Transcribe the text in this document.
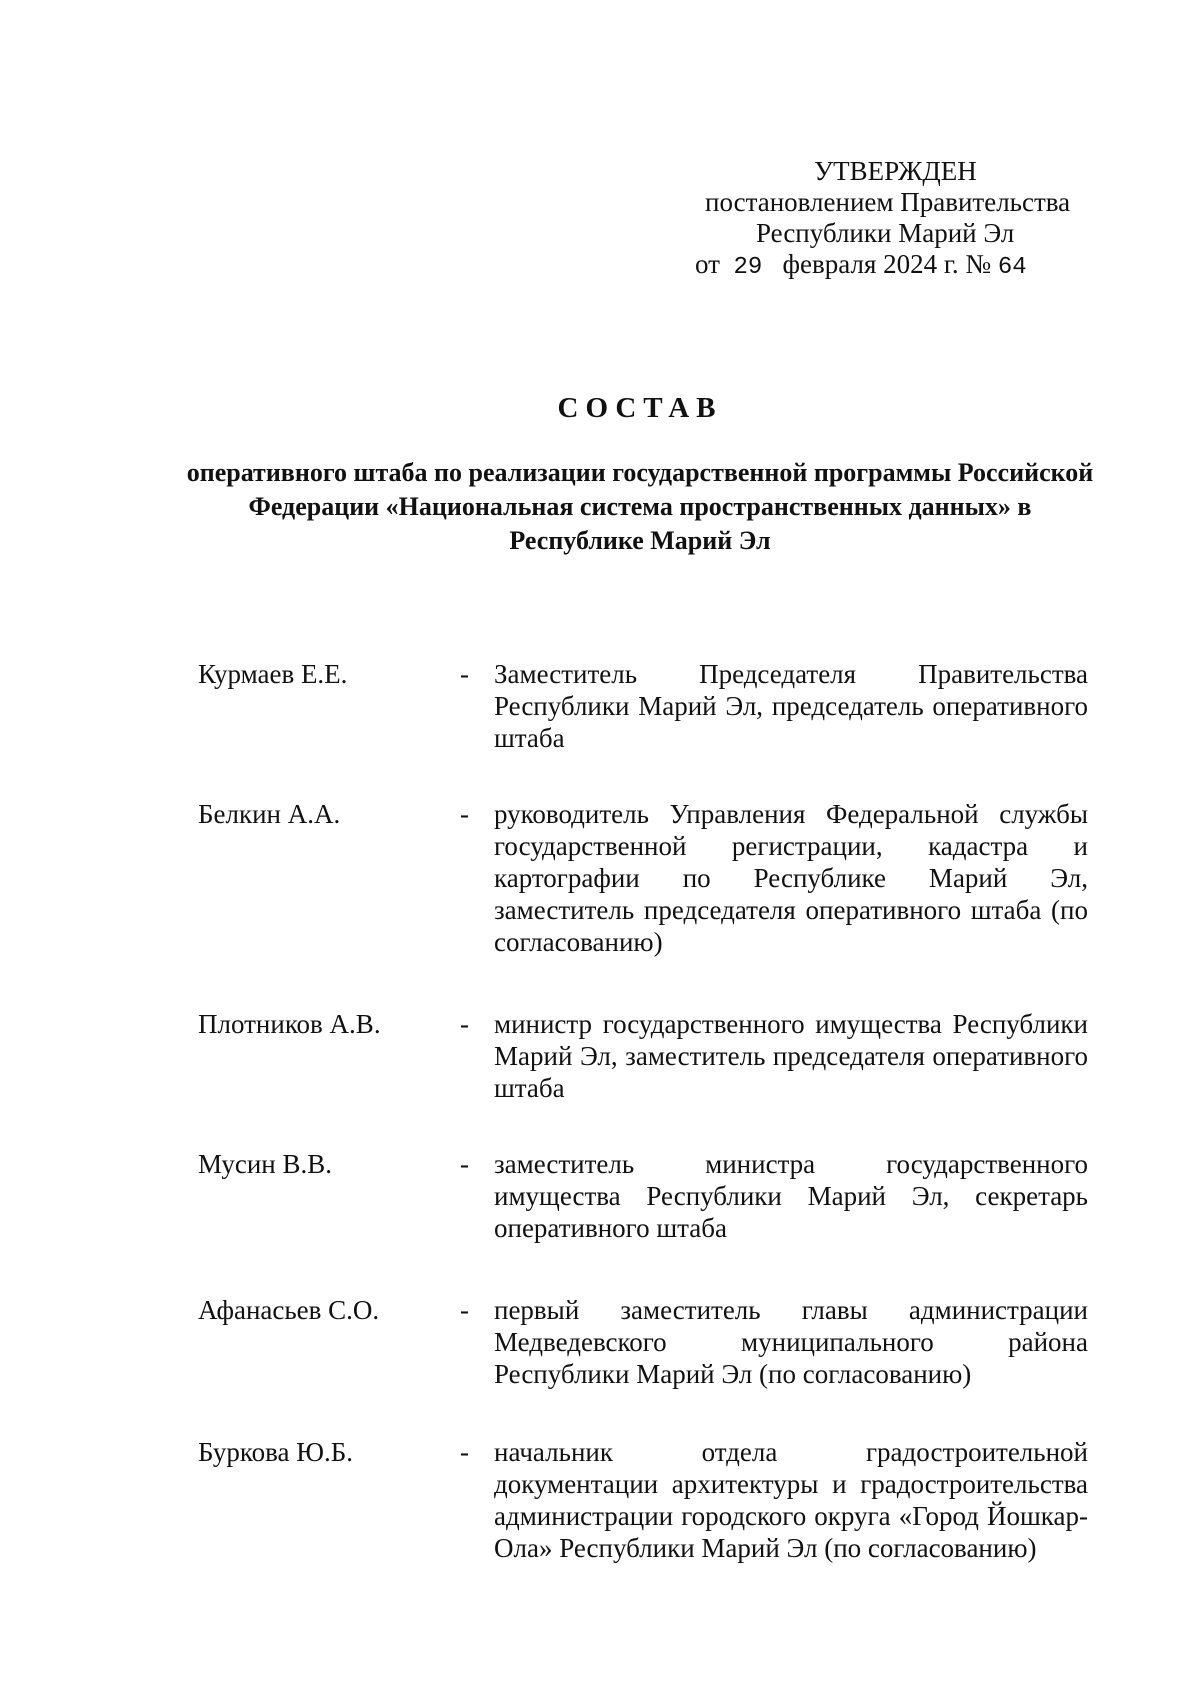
УТВЕРЖДЕН
постановлением Правительства
Республики Марий Эл
от 29 февраля 2024 г. № 64
СОСТАВ
оперативного штаба по реализации государственной программы Российской Федерации «Национальная система пространственных данных» в Республике Марий Эл
Курмаев Е.Е.	- Заместитель Председателя Правительства Республики Марий Эл, председатель оперативного штаба
Белкин А.А.	- руководитель Управления Федеральной службы государственной регистрации, кадастра и картографии по Республике Марий Эл, заместитель председателя оперативного штаба (по согласованию)
Плотников А.В.	- министр государственного имущества Республики Марий Эл, заместитель председателя оперативного штаба
Мусин В.В.	- заместитель министра государственного имущества Республики Марий Эл, секретарь оперативного штаба
Афанасьев С.О.	- первый заместитель главы администрации Медведевского муниципального района Республики Марий Эл (по согласованию)
Буркова Ю.Б.	- начальник отдела градостроительной документации архитектуры и градостроительства администрации городского округа «Город Йошкар-Ола» Республики Марий Эл (по согласованию)
